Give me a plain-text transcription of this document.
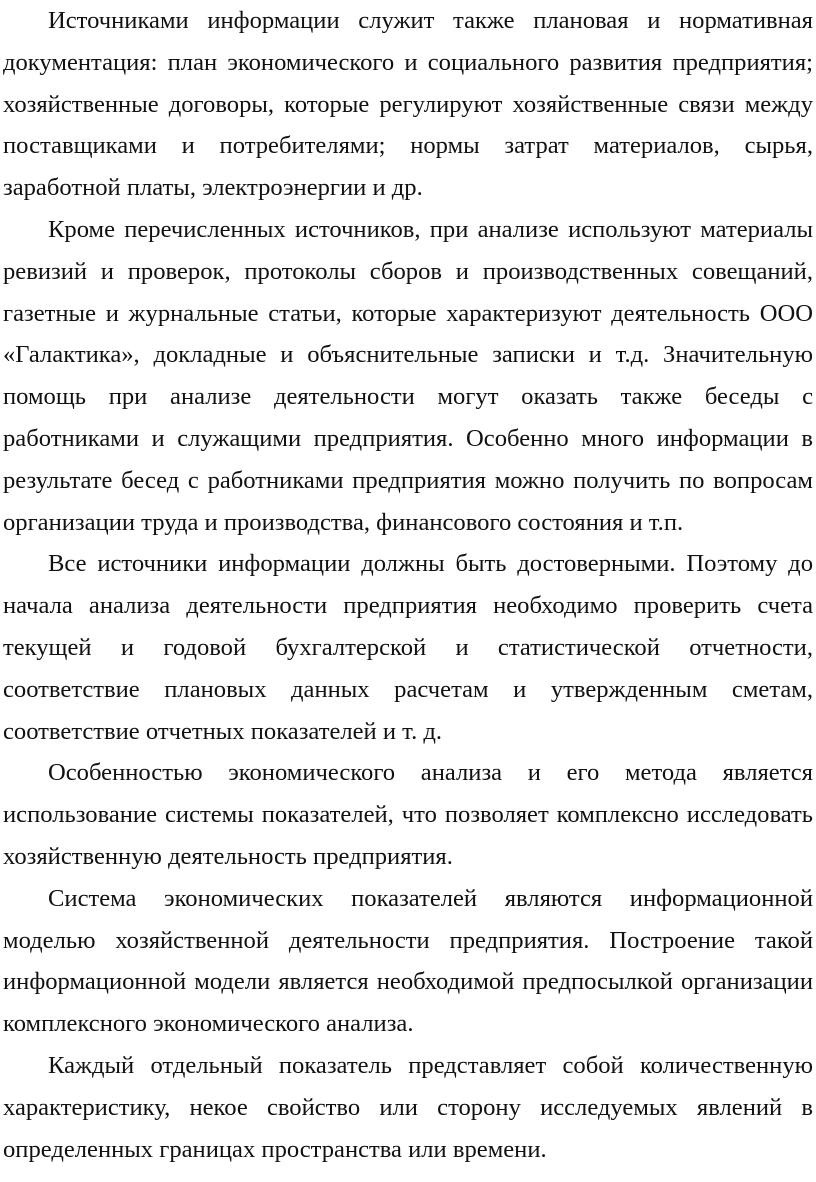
Источниками информации служит также плановая и нормативная документация: план экономического и социального развития предприятия; хозяйственные договоры, которые регулируют хозяйственные связи между поставщиками и потребителями; нормы затрат материалов, сырья, заработной платы, электроэнергии и др.

Кроме перечисленных источников, при анализе используют материалы ревизий и проверок, протоколы сборов и производственных совещаний, газетные и журнальные статьи, которые характеризуют деятельность ООО «Галактика», докладные и объяснительные записки и т.д. Значительную помощь при анализе деятельности могут оказать также беседы с работниками и служащими предприятия. Особенно много информации в результате бесед с работниками предприятия можно получить по вопросам организации труда и производства, финансового состояния и т.п.

Все источники информации должны быть достоверными. Поэтому до начала анализа деятельности предприятия необходимо проверить счета текущей и годовой бухгалтерской и статистической отчетности, соответствие плановых данных расчетам и утвержденным сметам, соответствие отчетных показателей и т. д.

Особенностью экономического анализа и его метода является использование системы показателей, что позволяет комплексно исследовать хозяйственную деятельность предприятия.

Система экономических показателей являются информационной моделью хозяйственной деятельности предприятия. Построение такой информационной модели является необходимой предпосылкой организации комплексного экономического анализа.

Каждый отдельный показатель представляет собой количественную характеристику, некое свойство или сторону исследуемых явлений в определенных границах пространства или времени.
